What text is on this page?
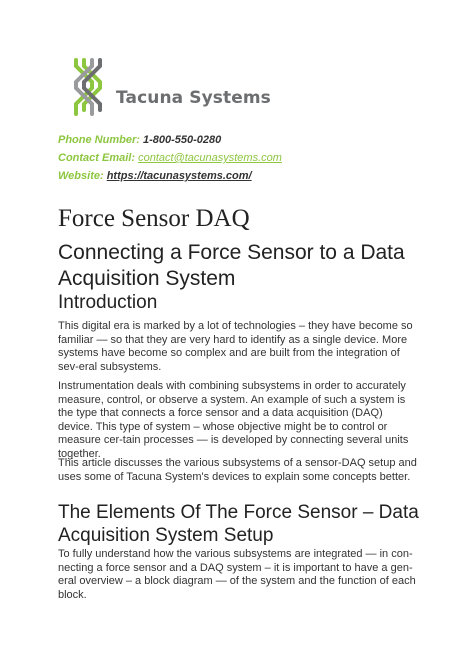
Tacuna Systems
Phone Number: 1-800-550-0280
Contact Email: contact@tacunasystems.com
Website: https://tacunasystems.com/
Force Sensor DAQ
Connecting a Force Sensor to a Data Acquisition System
Introduction
This digital era is marked by a lot of technologies – they have become so familiar — so that they are very hard to identify as a single device. More systems have become so complex and are built from the integration of sev-eral subsystems.
Instrumentation deals with combining subsystems in order to accurately measure, control, or observe a system. An example of such a system is the type that connects a force sensor and a data acquisition (DAQ) device. This type of system – whose objective might be to control or measure cer-tain processes — is developed by connecting several units together.
This article discusses the various subsystems of a sensor-DAQ setup and uses some of Tacuna System's devices to explain some concepts better.
The Elements Of The Force Sensor – Data Acquisition System Setup
To fully understand how the various subsystems are integrated — in con-necting a force sensor and a DAQ system – it is important to have a gen-eral overview – a block diagram — of the system and the function of each block.
